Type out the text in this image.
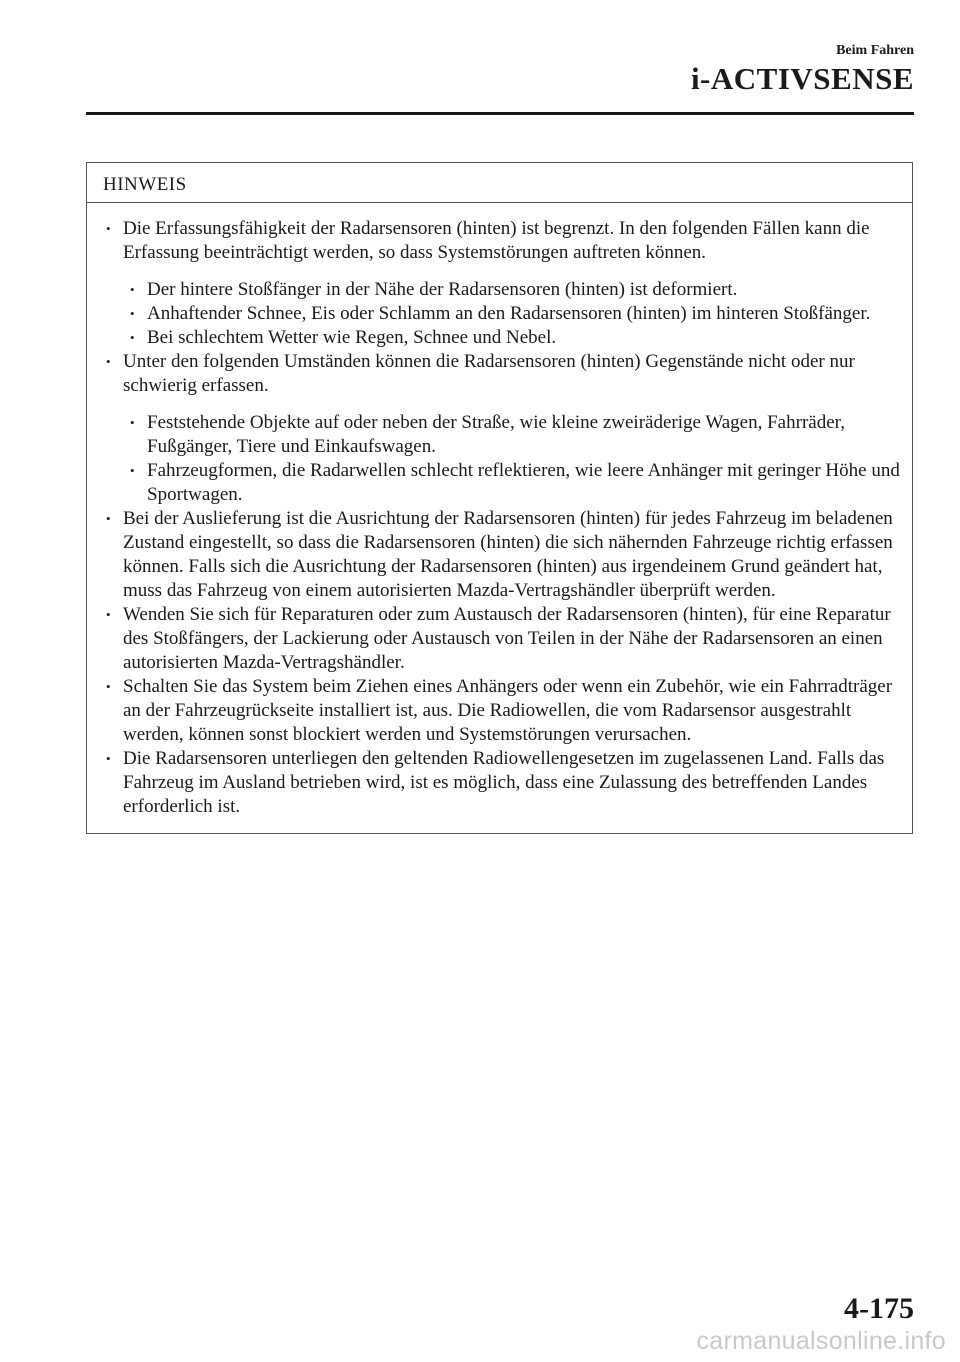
Beim Fahren
i-ACTIVSENSE
HINWEIS

• Die Erfassungsfähigkeit der Radarsensoren (hinten) ist begrenzt. In den folgenden Fällen kann die Erfassung beeinträchtigt werden, so dass Systemstörungen auftreten können.

• Der hintere Stoßfänger in der Nähe der Radarsensoren (hinten) ist deformiert.

• Anhaftender Schnee, Eis oder Schlamm an den Radarsensoren (hinten) im hinteren Stoßfänger.

• Bei schlechtem Wetter wie Regen, Schnee und Nebel.

• Unter den folgenden Umständen können die Radarsensoren (hinten) Gegenstände nicht oder nur schwierig erfassen.

• Feststehende Objekte auf oder neben der Straße, wie kleine zweiräderige Wagen, Fahrräder, Fußgänger, Tiere und Einkaufswagen.

• Fahrzeugformen, die Radarwellen schlecht reflektieren, wie leere Anhänger mit geringer Höhe und Sportwagen.

• Bei der Auslieferung ist die Ausrichtung der Radarsensoren (hinten) für jedes Fahrzeug im beladenen Zustand eingestellt, so dass die Radarsensoren (hinten) die sich nähernden Fahrzeuge richtig erfassen können. Falls sich die Ausrichtung der Radarsensoren (hinten) aus irgendeinem Grund geändert hat, muss das Fahrzeug von einem autorisierten Mazda-Vertragshändler überprüft werden.

• Wenden Sie sich für Reparaturen oder zum Austausch der Radarsensoren (hinten), für eine Reparatur des Stoßfängers, der Lackierung oder Austausch von Teilen in der Nähe der Radarsensoren an einen autorisierten Mazda-Vertragshändler.

• Schalten Sie das System beim Ziehen eines Anhängers oder wenn ein Zubehör, wie ein Fahrradträger an der Fahrzeugrückseite installiert ist, aus. Die Radiowellen, die vom Radarsensor ausgestrahlt werden, können sonst blockiert werden und Systemstörungen verursachen.

• Die Radarsensoren unterliegen den geltenden Radiowellengesetzen im zugelassenen Land. Falls das Fahrzeug im Ausland betrieben wird, ist es möglich, dass eine Zulassung des betreffenden Landes erforderlich ist.

4-175
carmanualsonline.info
